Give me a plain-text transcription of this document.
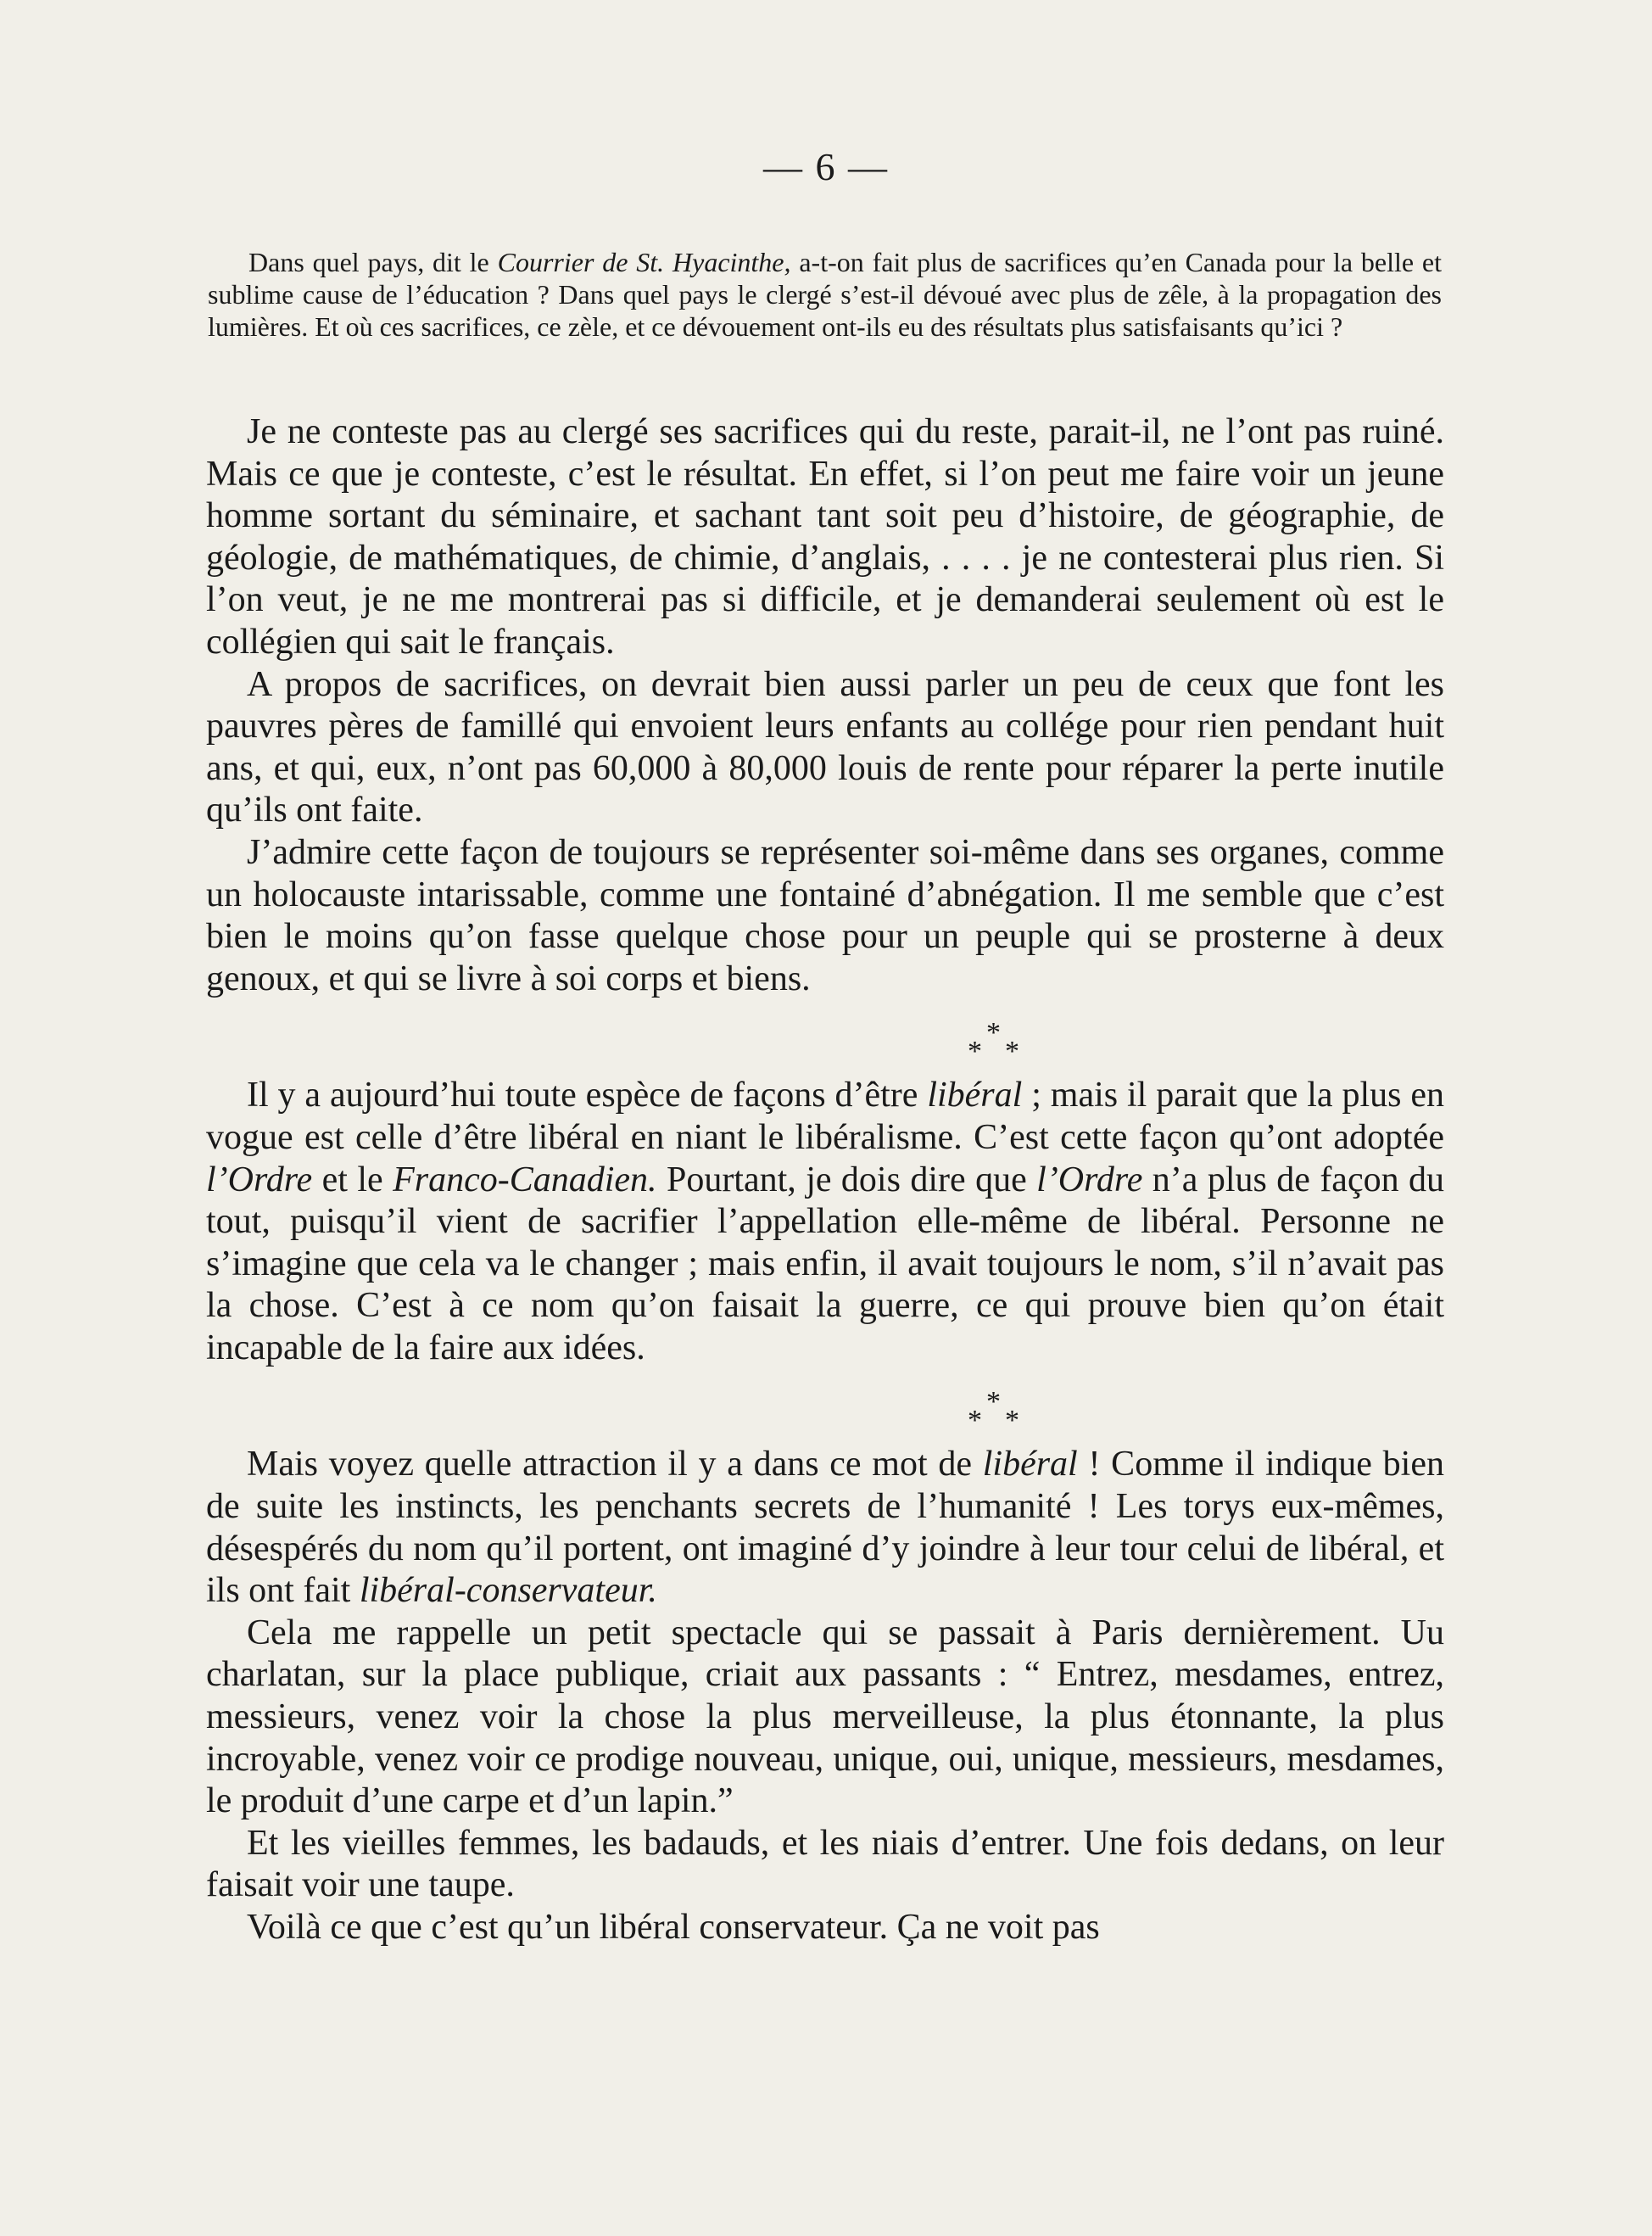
— 6 —

Dans quel pays, dit le Courrier de St. Hyacinthe, a-t-on fait plus de sacrifices qu’en Canada pour la belle et sublime cause de l’éducation ? Dans quel pays le clergé s’est-il dévoué avec plus de zêle, à la propagation des lumières. Et où ces sacrifices, ce zèle, et ce dévouement ont-ils eu des résultats plus satisfaisants qu’ici ?

Je ne conteste pas au clergé ses sacrifices qui du reste, parait-il, ne l’ont pas ruiné. Mais ce que je conteste, c’est le résultat. En effet, si l’on peut me faire voir un jeune homme sortant du séminaire, et sachant tant soit peu d’histoire, de géographie, de géologie, de mathématiques, de chimie, d’anglais, . . . . je ne contesterai plus rien. Si l’on veut, je ne me montrerai pas si difficile, et je demanderai seulement où est le collégien qui sait le français.

A propos de sacrifices, on devrait bien aussi parler un peu de ceux que font les pauvres pères de famillé qui envoient leurs enfants au collége pour rien pendant huit ans, et qui, eux, n’ont pas 60,000 à 80,000 louis de rente pour réparer la perte inutile qu’ils ont faite.

J’admire cette façon de toujours se représenter soi-même dans ses organes, comme un holocauste intarissable, comme une fontainé d’abnégation. Il me semble que c’est bien le moins qu’on fasse quelque chose pour un peuple qui se prosterne à deux genoux, et qui se livre à soi corps et biens.

*
* *

Il y a aujourd’hui toute espèce de façons d’être libéral ; mais il parait que la plus en vogue est celle d’être libéral en niant le libéralisme. C’est cette façon qu’ont adoptée l’Ordre et le Franco-Canadien. Pourtant, je dois dire que l’Ordre n’a plus de façon du tout, puisqu’il vient de sacrifier l’appellation elle-même de libéral. Personne ne s’imagine que cela va le changer ; mais enfin, il avait toujours le nom, s’il n’avait pas la chose. C’est à ce nom qu’on faisait la guerre, ce qui prouve bien qu’on était incapable de la faire aux idées.

*
* *

Mais voyez quelle attraction il y a dans ce mot de libéral ! Comme il indique bien de suite les instincts, les penchants secrets de l’humanité ! Les torys eux-mêmes, désespérés du nom qu’il portent, ont imaginé d’y joindre à leur tour celui de libéral, et ils ont fait libéral-conservateur.

Cela me rappelle un petit spectacle qui se passait à Paris dernièrement. Uu charlatan, sur la place publique, criait aux passants : “ Entrez, mesdames, entrez, messieurs, venez voir la chose la plus merveilleuse, la plus étonnante, la plus incroyable, venez voir ce prodige nouveau, unique, oui, unique, messieurs, mesdames, le produit d’une carpe et d’un lapin.”

Et les vieilles femmes, les badauds, et les niais d’entrer. Une fois dedans, on leur faisait voir une taupe.

Voilà ce que c’est qu’un libéral conservateur. Ça ne voit pas
